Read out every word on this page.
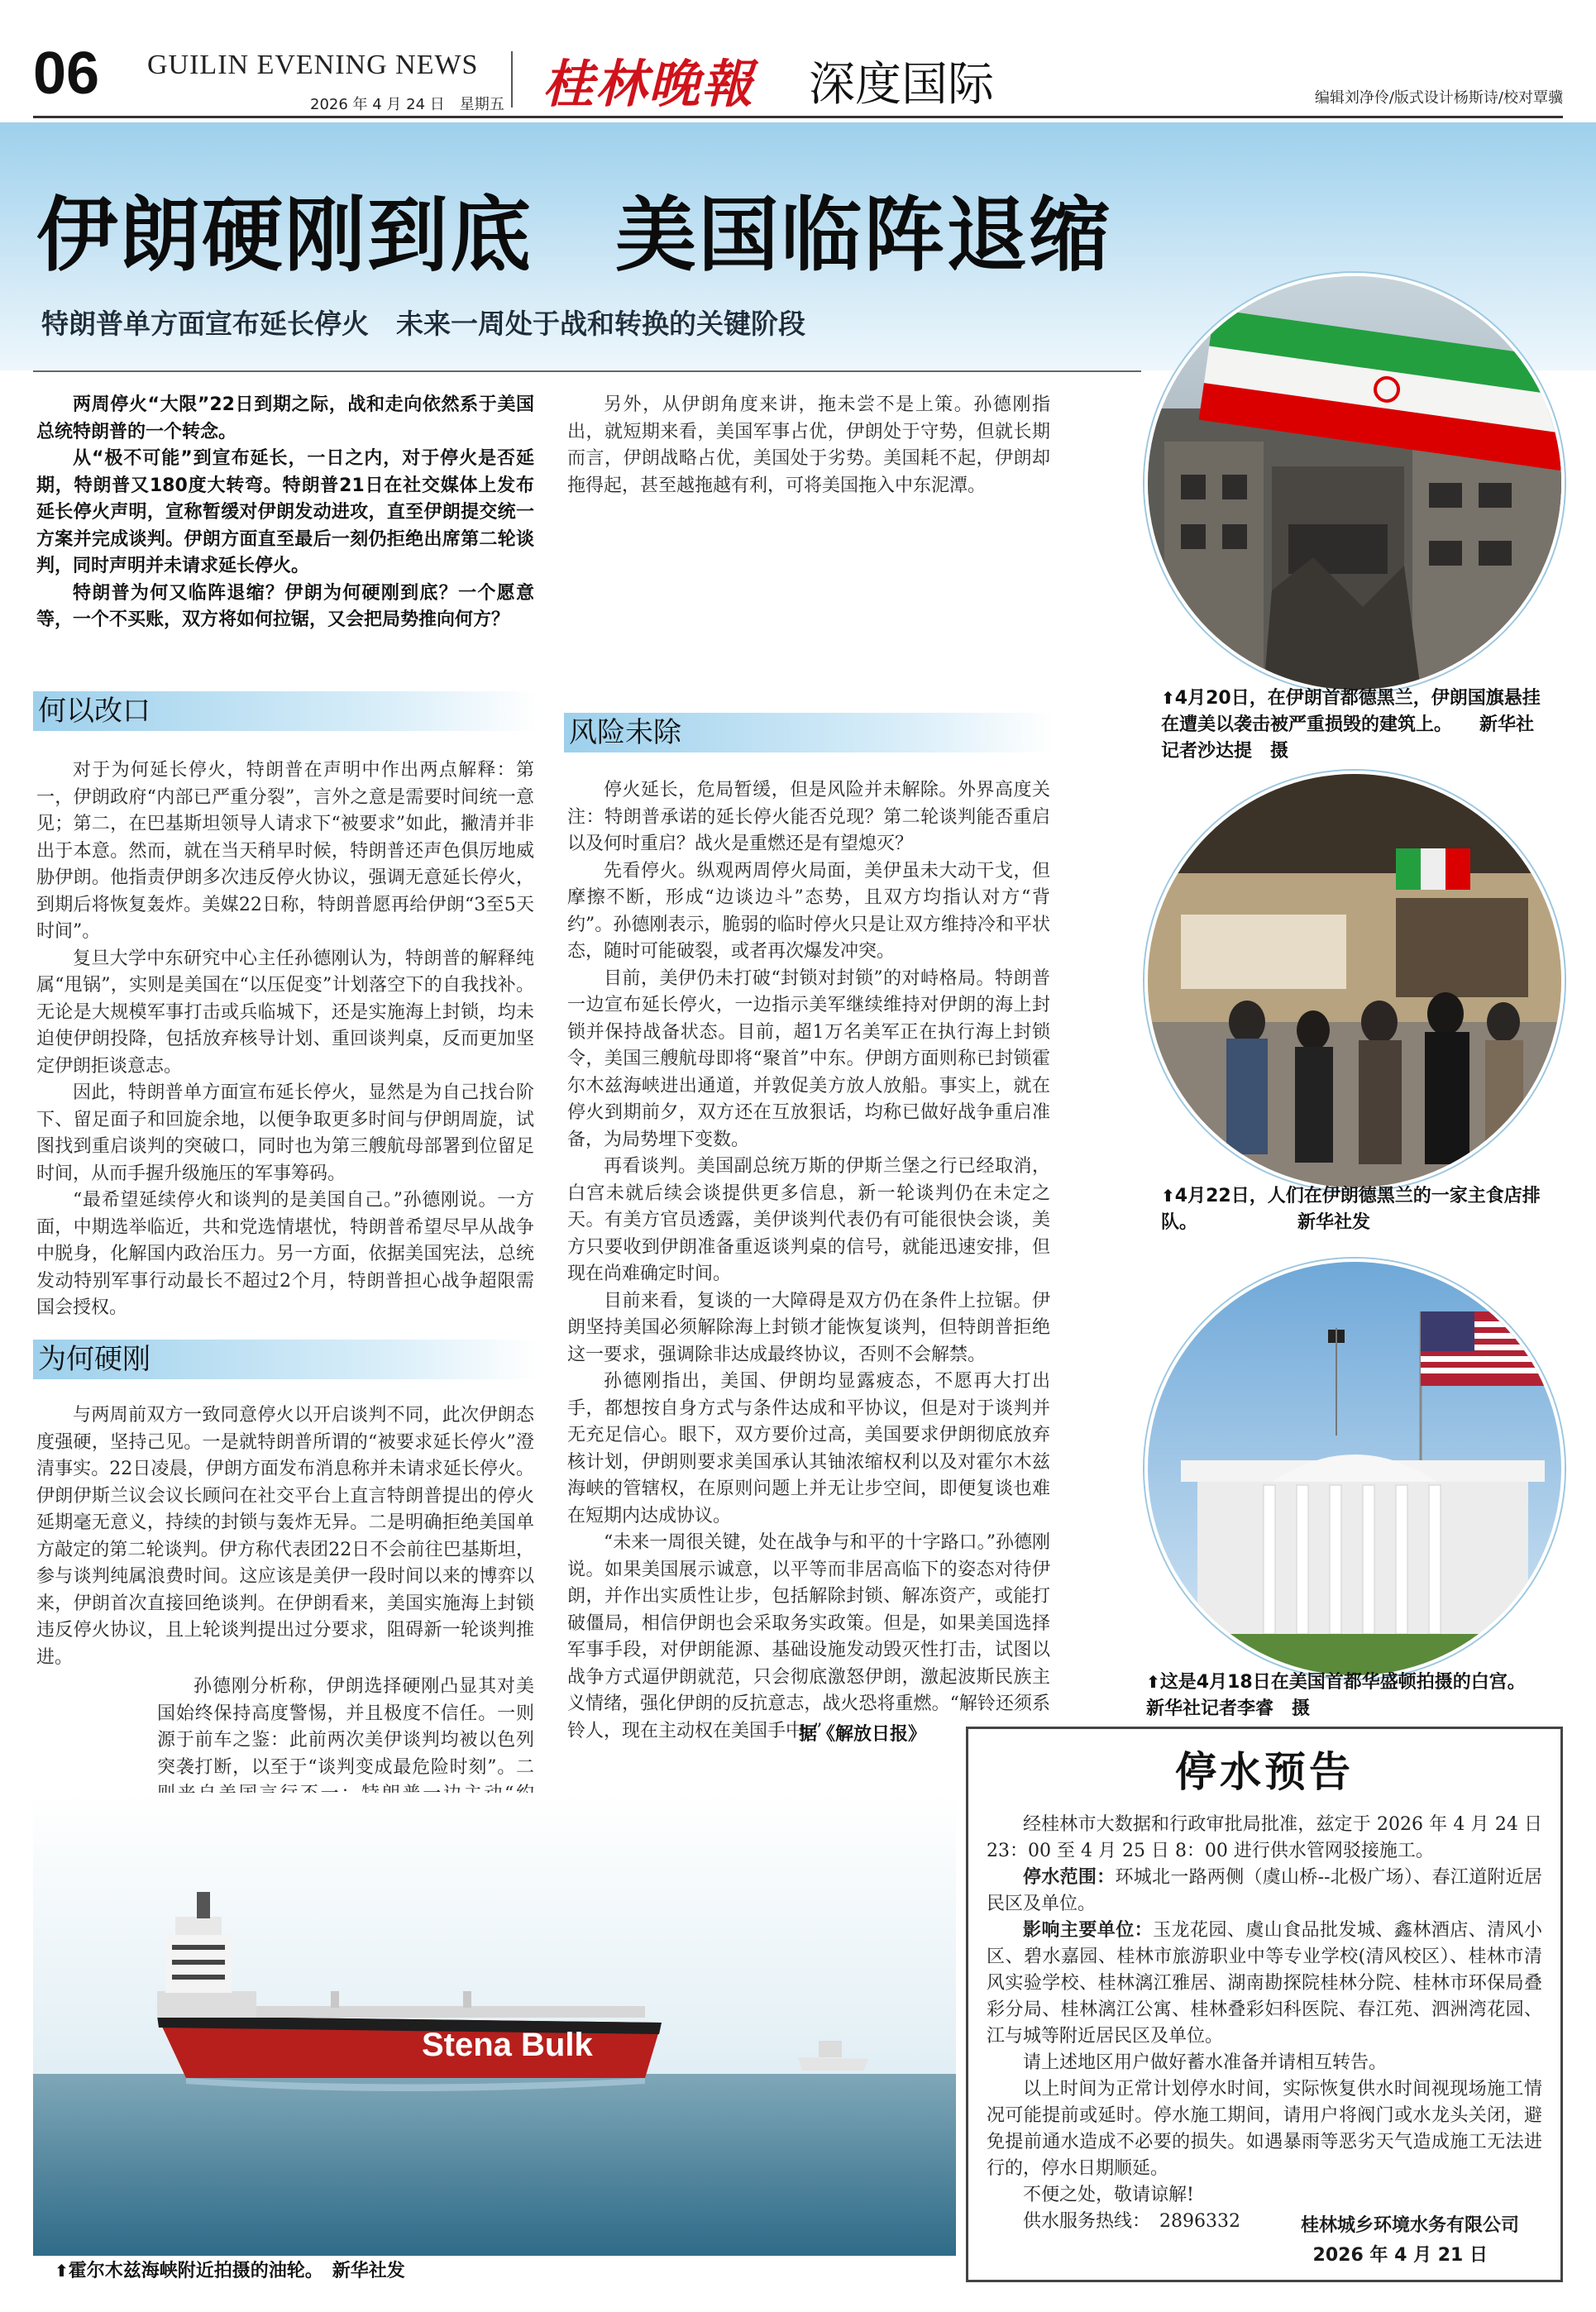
06 GUILIN EVENING NEWS
2026 年 4 月 24 日　星期五 桂林晚報 深度国际	编辑刘净伶/版式设计杨斯诗/校对覃骥
伊朗硬刚到底　美国临阵退缩
特朗普单方面宣布延长停火　未来一周处于战和转换的关键阶段

两周停火“大限”22日到期之际，战和走向依然系于美国总统特朗普的一个转念。

从“极不可能”到宣布延长，一日之内，对于停火是否延期，特朗普又180度大转弯。特朗普21日在社交媒体上发布延长停火声明，宣称暂缓对伊朗发动进攻，直至伊朗提交统一方案并完成谈判。伊朗方面直至最后一刻仍拒绝出席第二轮谈判，同时声明并未请求延长停火。

特朗普为何又临阵退缩？伊朗为何硬刚到底？一个愿意等，一个不买账，双方将如何拉锯，又会把局势推向何方？

何以改口

对于为何延长停火，特朗普在声明中作出两点解释：第一，伊朗政府“内部已严重分裂”，言外之意是需要时间统一意见；第二，在巴基斯坦领导人请求下“被要求”如此，撇清并非出于本意。然而，就在当天稍早时候，特朗普还声色俱厉地威胁伊朗。他指责伊朗多次违反停火协议，强调无意延长停火，到期后将恢复轰炸。美媒22日称，特朗普愿再给伊朗“3至5天时间”。

复旦大学中东研究中心主任孙德刚认为，特朗普的解释纯属“甩锅”，实则是美国在“以压促变”计划落空下的自我找补。无论是大规模军事打击或兵临城下，还是实施海上封锁，均未迫使伊朗投降，包括放弃核导计划、重回谈判桌，反而更加坚定伊朗拒谈意志。

因此，特朗普单方面宣布延长停火，显然是为自己找台阶下、留足面子和回旋余地，以便争取更多时间与伊朗周旋，试图找到重启谈判的突破口，同时也为第三艘航母部署到位留足时间，从而手握升级施压的军事筹码。

“最希望延续停火和谈判的是美国自己。”孙德刚说。一方面，中期选举临近，共和党选情堪忧，特朗普希望尽早从战争中脱身，化解国内政治压力。另一方面，依据美国宪法，总统发动特别军事行动最长不超过2个月，特朗普担心战争超限需国会授权。

为何硬刚

与两周前双方一致同意停火以开启谈判不同，此次伊朗态度强硬，坚持己见。一是就特朗普所谓的“被要求延长停火”澄清事实。22日凌晨，伊朗方面发布消息称并未请求延长停火。伊朗伊斯兰议会议长顾问在社交平台上直言特朗普提出的停火延期毫无意义，持续的封锁与轰炸无异。二是明确拒绝美国单方敲定的第二轮谈判。伊方称代表团22日不会前往巴基斯坦，参与谈判纯属浪费时间。这应该是美伊一段时间以来的博弈以来，伊朗首次直接回绝谈判。在伊朗看来，美国实施海上封锁违反停火协议，且上轮谈判提出过分要求，阻碍新一轮谈判推进。

孙德刚分析称，伊朗选择硬刚凸显其对美国始终保持高度警惕，并且极度不信任。一则源于前车之鉴：此前两次美伊谈判均被以色列突袭打断，以至于“谈判变成最危险时刻”。二

另外，从伊朗角度来讲，拖未尝不是上策。孙德刚指出，就短期来看，美国军事占优，伊朗处于守势，但就长期而言，伊朗战略占优，美国处于劣势。美国耗不起，伊朗却拖得起，甚至越拖越有利，可将美国拖入中东泥潭。

风险未除

停火延长，危局暂缓，但是风险并未解除。外界高度关注：特朗普承诺的延长停火能否兑现？第二轮谈判能否重启以及何时重启？战火是重燃还是有望熄灭？

先看停火。纵观两周停火局面，美伊虽未大动干戈，但摩擦不断，形成“边谈边斗”态势，且双方均指认对方“背约”。孙德刚表示，脆弱的临时停火只是让双方维持冷和平状态，随时可能破裂，或者再次爆发冲突。

目前，美伊仍未打破“封锁对封锁”的对峙格局。特朗普一边宣布延长停火，一边指示美军继续维持对伊朗的海上封锁并保持战备状态。目前，超1万名美军正在执行海上封锁令，美国三艘航母即将“聚首”中东。伊朗方面则称已封锁霍尔木兹海峡进出通道，并敦促美方放人放船。事实上，就在停火到期前夕，双方还在互放狠话，均称已做好战争重启准备，为局势埋下变数。

再看谈判。美国副总统万斯的伊斯兰堡之行已经取消，白宫未就后续会谈提供更多信息，新一轮谈判仍在未定之天。有美方官员透露，美伊谈判代表仍有可能很快会谈，美方只要收到伊朗准备重返谈判桌的信号，就能迅速安排，但现在尚难确定时间。

目前来看，复谈的一大障碍是双方仍在条件上拉锯。伊朗坚持美国必须解除海上封锁才能恢复谈判，但特朗普拒绝这一要求，强调除非达成最终协议，否则不会解禁。

孙德刚指出，美国、伊朗均显露疲态，不愿再大打出手，都想按自身方式与条件达成和平协议，但是对于谈判并无充足信心。眼下，双方要价过高，美国要求伊朗彻底放弃核计划，伊朗则要求美国承认其铀浓缩权利以及对霍尔木兹海峡的管辖权，在原则问题上并无让步空间，即便复谈也难在短期内达成协议。

“未来一周很关键，处在战争与和平的十字路口。”孙德刚说。如果美国展示诚意，以平等而非居高临下的姿态对待伊朗，并作出实质性让步，包括解除封锁、解冻资产，或能打破僵局，相信伊朗也会采取务实政策。但是，如果美国选择军事手段，对伊朗能源、基础设施发动毁灭性打击，试图以战争方式逼伊朗就范，只会彻底激怒伊朗，激起波斯民族主义情绪，强化伊朗的反抗意志，战火恐将重燃。“解铃还须系铃人，现在主动权在美国手中。”

据《解放日报》
⬆4月20日，在伊朗首都德黑兰，伊朗国旗悬挂在遭美以袭击被严重损毁的建筑上。　　新华社记者沙达提　摄
⬆4月22日，人们在伊朗德黑兰的一家主食店排队。　　　　　　新华社发
⬆这是4月18日在美国首都华盛顿拍摄的白宫。　　新华社记者李睿　摄
Stena Bulk
⬆霍尔木兹海峡附近拍摄的油轮。　新华社发
停水预告

经桂林市大数据和行政审批局批准，兹定于 2026 年 4 月 24 日 23：00 至 4 月 25 日 8：00 进行供水管网驳接施工。

停水范围：环城北一路两侧（虞山桥--北极广场）、春江道附近居民区及单位。

影响主要单位：玉龙花园、虞山食品批发城、鑫林酒店、清风小区、碧水嘉园、桂林市旅游职业中等专业学校(清风校区）、桂林市清风实验学校、桂林漓江雅居、湖南勘探院桂林分院、桂林市环保局叠彩分局、桂林漓江公寓、桂林叠彩妇科医院、春江苑、泗洲湾花园、江与城等附近居民区及单位。

请上述地区用户做好蓄水准备并请相互转告。

以上时间为正常计划停水时间，实际恢复供水时间视现场施工情况可能提前或延时。停水施工期间，请用户将阀门或水龙头关闭，避免提前通水造成不必要的损失。如遇暴雨等恶劣天气造成施工无法进行的，停水日期顺延。

不便之处，敬请谅解!

供水服务热线：　2896332	桂林城乡环境水务有限公司
2026 年 4 月 21 日
